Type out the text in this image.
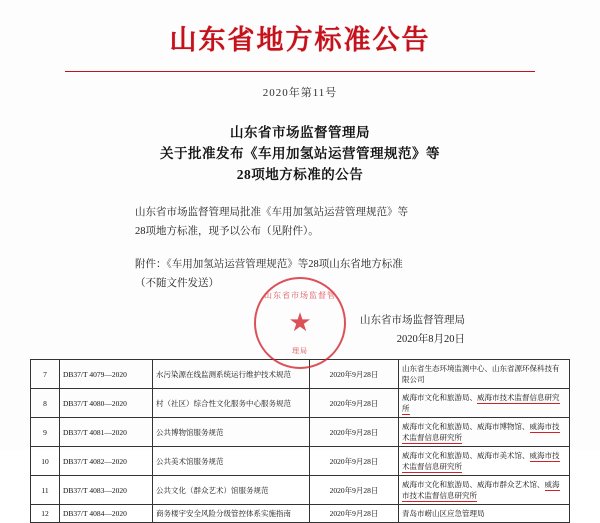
山东省地方标准公告
2020年第11号
山东省市场监督管理局
关于批准发布《车用加氢站运营管理规范》等
28项地方标准的公告
山东省市场监督管理局批准《车用加氢站运营管理规范》等
28项地方标准，现予以公布（见附件）。
附件：《车用加氢站运营管理规范》等28项山东省地方标准
（不随文件发送）
山东省市场监督管
★
理局
山东省市场监督管理局
2020年8月20日
7	DB37/T 4079—2020	水污染源在线监测系统运行维护技术规范	2020年9月28日	山东省生态环境监测中心、山东省源环保科技有限公司
8	DB37/T 4080—2020	村（社区）综合性文化服务中心服务规范	2020年9月28日	威海市文化和旅游局、威海市技术监督信息研究所
9	DB37/T 4081—2020	公共博物馆服务规范	2020年9月28日	威海市文化和旅游局、威海市博物馆、威海市技术监督信息研究所
10	DB37/T 4082—2020	公共美术馆服务规范	2020年9月28日	威海市文化和旅游局、威海市美术馆、威海市技术监督信息研究所
11	DB37/T 4083—2020	公共文化（群众艺术）馆服务规范	2020年9月28日	威海市文化和旅游局、威海市群众艺术馆、威海市技术监督信息研究所
12	DB37/T 4084—2020	商务楼宇安全风险分级管控体系实施指南	2020年9月28日	青岛市崂山区应急管理局
